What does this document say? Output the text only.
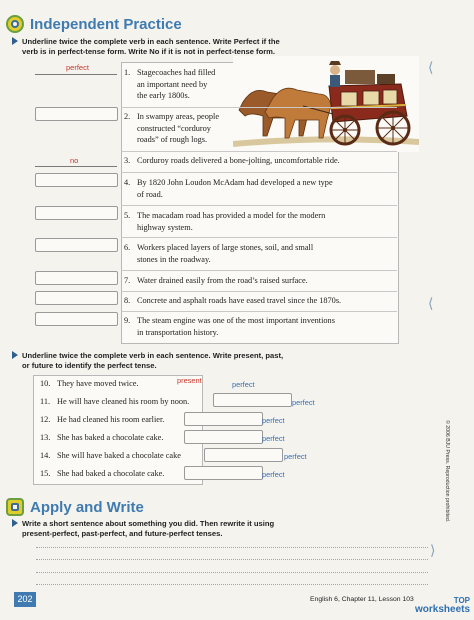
Independent Practice
Underline twice the complete verb in each sentence. Write Perfect if the
verb is in perfect-tense form. Write No if it is not in perfect-tense form.
1. Stagecoaches had filled
an important need by
the early 1800s.
2. In swampy areas, people
constructed “corduroy
roads” of rough logs.
3. Corduroy roads delivered a bone-jolting, uncomfortable ride.
4. By 1820 John Loudon McAdam had developed a new type
of road.
5. The macadam road has provided a model for the modern
highway system.
6. Workers placed layers of large stones, soil, and small
stones in the roadway.
7. Water drained easily from the road’s raised surface.
8. Concrete and asphalt roads have eased travel since the 1870s.
9. The steam engine was one of the most important inventions
in transportation history.
perfect
no
Underline twice the complete verb in each sentence. Write present, past,
or future to identify the perfect tense.
10. They have moved twice.
11. He will have cleaned his room by noon.
12. He had cleaned his room earlier.
13. She has baked a chocolate cake.
14. She will have baked a chocolate cake
15. She had baked a chocolate cake.
present	perfect
perfect
perfect
perfect
perfect
perfect
Apply and Write
Write a short sentence about something you did. Then rewrite it using
present-perfect, past-perfect, and future-perfect tenses.
⟨
⟨
⟩
© 2006 BJU Press. Reproduction prohibited.
202	English 6, Chapter 11, Lesson 103	TOP
worksheets
